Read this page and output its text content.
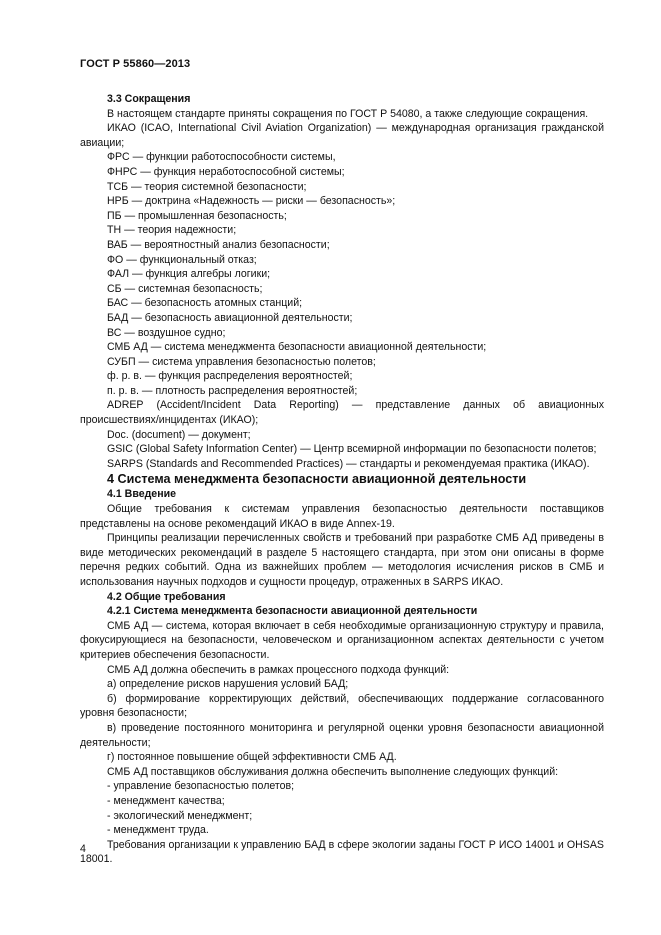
ГОСТ Р 55860—2013

3.3 Сокращения

В настоящем стандарте приняты сокращения по ГОСТ Р 54080, а также следующие сокращения.

ИКАО (ICAO, International Civil Aviation Organization) — международная организация гражданской авиации;

ФРС — функции работоспособности системы,

ФНРС — функция неработоспособной системы;

ТСБ — теория системной безопасности;

НРБ — доктрина «Надежность — риски — безопасность»;

ПБ — промышленная безопасность;

ТН — теория надежности;

ВАБ — вероятностный анализ безопасности;

ФО — функциональный отказ;

ФАЛ — функция алгебры логики;

СБ — системная безопасность;

БАС — безопасность атомных станций;

БАД — безопасность авиационной деятельности;

ВС — воздушное судно;

СМБ АД — система менеджмента безопасности авиационной деятельности;

СУБП — система управления безопасностью полетов;

ф. р. в. — функция распределения вероятностей;

п. р. в. — плотность распределения вероятностей;

ADREP (Accident/Incident Data Reporting) — представление данных об авиационных происшествиях/инцидентах (ИКАО);

Doc. (document) — документ;

GSIC (Global Safety Information Center) — Центр всемирной информации по безопасности полетов;

SARPS (Standards and Recommended Practices) — стандарты и рекомендуемая практика (ИКАО).

4 Система менеджмента безопасности авиационной деятельности

4.1 Введение

Общие требования к системам управления безопасностью деятельности поставщиков представлены на основе рекомендаций ИКАО в виде Annex-19.

Принципы реализации перечисленных свойств и требований при разработке СМБ АД приведены в виде методических рекомендаций в разделе 5 настоящего стандарта, при этом они описаны в форме перечня редких событий. Одна из важнейших проблем — методология исчисления рисков в СМБ и использования научных подходов и сущности процедур, отраженных в SARPS ИКАО.

4.2 Общие требования

4.2.1 Система менеджмента безопасности авиационной деятельности

СМБ АД — система, которая включает в себя необходимые организационную структуру и правила, фокусирующиеся на безопасности, человеческом и организационном аспектах деятельности с учетом критериев обеспечения безопасности.

СМБ АД должна обеспечить в рамках процессного подхода функций:

а) определение рисков нарушения условий БАД;

б) формирование корректирующих действий, обеспечивающих поддержание согласованного уровня безопасности;

в) проведение постоянного мониторинга и регулярной оценки уровня безопасности авиационной деятельности;

г) постоянное повышение общей эффективности СМБ АД.

СМБ АД поставщиков обслуживания должна обеспечить выполнение следующих функций:

- управление безопасностью полетов;

- менеджмент качества;

- экологический менеджмент;

- менеджмент труда.

Требования организации к управлению БАД в сфере экологии заданы ГОСТ Р ИСО 14001 и OHSAS 18001.

4
